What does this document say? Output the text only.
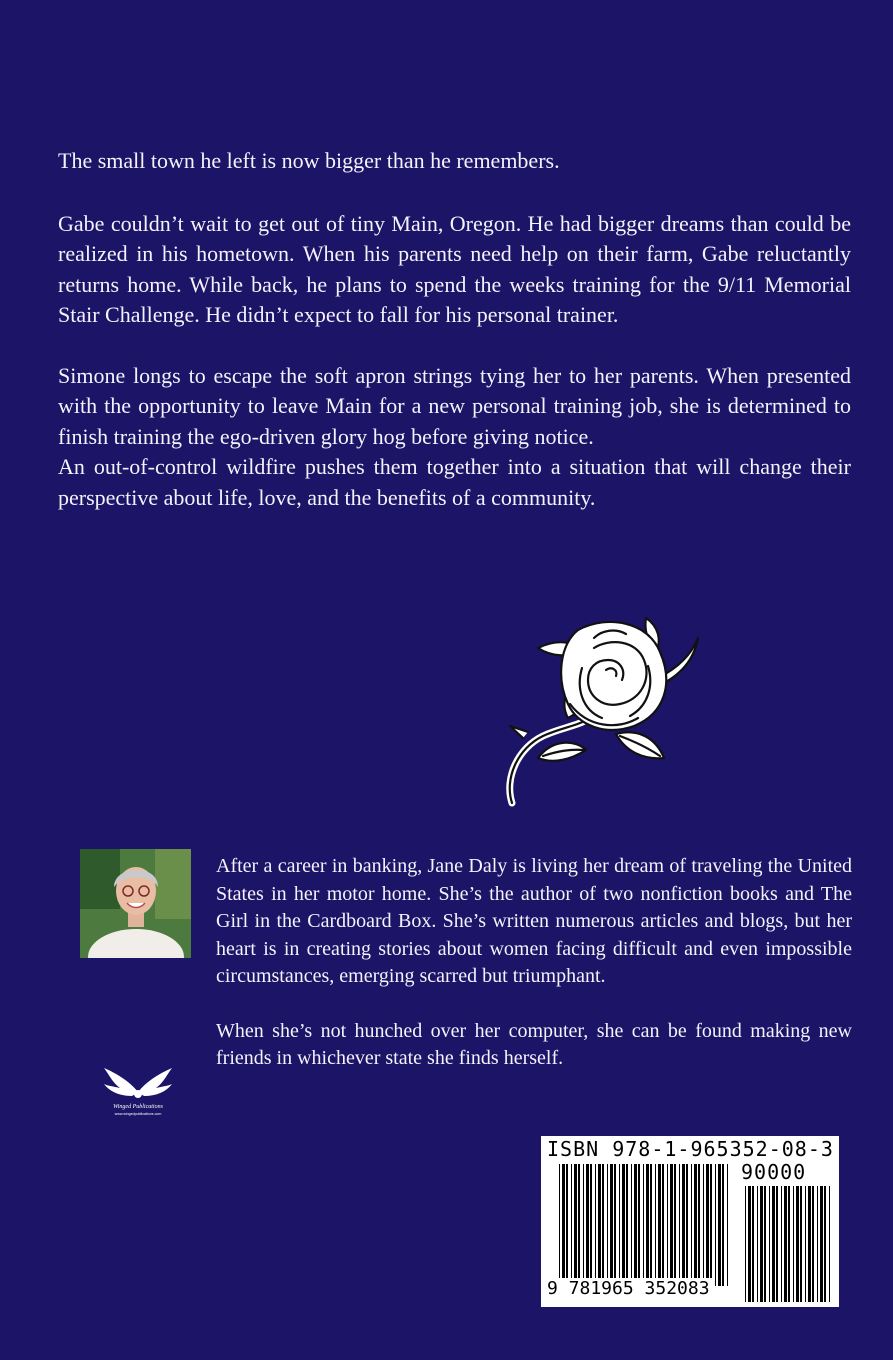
The small town he left is now bigger than he remembers.

Gabe couldn’t wait to get out of tiny Main, Oregon. He had bigger dreams than could be realized in his hometown. When his parents need help on their farm, Gabe reluctantly returns home. While back, he plans to spend the weeks training for the 9/11 Memorial Stair Challenge. He didn’t expect to fall for his personal trainer.

Simone longs to escape the soft apron strings tying her to her parents. When presented with the opportunity to leave Main for a new personal training job, she is determined to finish training the ego-driven glory hog before giving notice.

An out-of-control wildfire pushes them together into a situation that will change their perspective about life, love, and the benefits of a community.

After a career in banking, Jane Daly is living her dream of traveling the United States in her motor home. She’s the author of two nonfiction books and The Girl in the Cardboard Box. She’s written numerous articles and blogs, but her heart is in creating stories about women facing difficult and even impossible circumstances, emerging scarred but triumphant.

When she’s not hunched over her computer, she can be found making new friends in whichever state she finds herself.

Winged Publications
www.wingedpublications.com
ISBN 978-1-965352-08-3
90000
9 781965 352083
